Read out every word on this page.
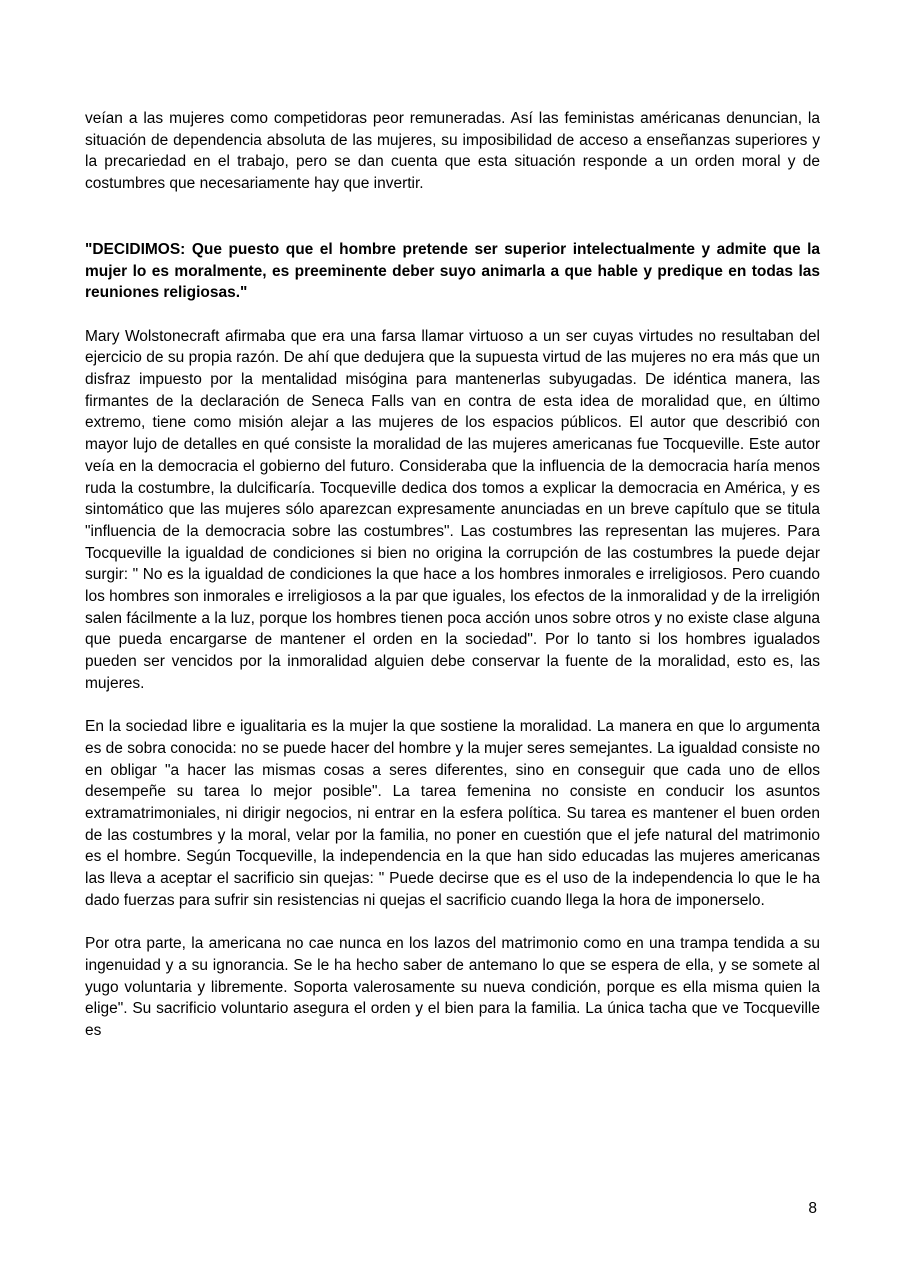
veían a las mujeres como competidoras peor remuneradas. Así las feministas américanas denuncian, la situación de dependencia absoluta de las mujeres, su imposibilidad de acceso a enseñanzas superiores y la precariedad en el trabajo, pero se dan cuenta que esta situación responde a un orden moral y de costumbres que necesariamente hay que invertir.

"DECIDIMOS: Que puesto que el hombre pretende ser superior intelectualmente y admite que la mujer lo es moralmente, es preeminente deber suyo animarla a que hable y predique en todas las reuniones religiosas."

Mary Wolstonecraft afirmaba que era una farsa llamar virtuoso a un ser cuyas virtudes no resultaban del ejercicio de su propia razón. De ahí que dedujera que la supuesta virtud de las mujeres no era más que un disfraz impuesto por la mentalidad misógina para mantenerlas subyugadas. De idéntica manera, las firmantes de la declaración de Seneca Falls van en contra de esta idea de moralidad que, en último extremo, tiene como misión alejar a las mujeres de los espacios públicos. El autor que describió con mayor lujo de detalles en qué consiste la moralidad de las mujeres americanas fue Tocqueville. Este autor veía en la democracia el gobierno del futuro. Consideraba que la influencia de la democracia haría menos ruda la costumbre, la dulcificaría. Tocqueville dedica dos tomos a explicar la democracia en América, y es sintomático que las mujeres sólo aparezcan expresamente anunciadas en un breve capítulo que se titula "influencia de la democracia sobre las costumbres". Las costumbres las representan las mujeres. Para Tocqueville la igualdad de condiciones si bien no origina la corrupción de las costumbres la puede dejar surgir: " No es la igualdad de condiciones la que hace a los hombres inmorales e irreligiosos. Pero cuando los hombres son inmorales e irreligiosos a la par que iguales, los efectos de la inmoralidad y de la irreligión salen fácilmente a la luz, porque los hombres tienen poca acción unos sobre otros y no existe clase alguna que pueda encargarse de mantener el orden en la sociedad". Por lo tanto si los hombres igualados pueden ser vencidos por la inmoralidad alguien debe conservar la fuente de la moralidad, esto es, las mujeres.

En la sociedad libre e igualitaria es la mujer la que sostiene la moralidad. La manera en que lo argumenta es de sobra conocida: no se puede hacer del hombre y la mujer seres semejantes. La igualdad consiste no en obligar "a hacer las mismas cosas a seres diferentes, sino en conseguir que cada uno de ellos desempeñe su tarea lo mejor posible". La tarea femenina no consiste en conducir los asuntos extramatrimoniales, ni dirigir negocios, ni entrar en la esfera política. Su tarea es mantener el buen orden de las costumbres y la moral, velar por la familia, no poner en cuestión que el jefe natural del matrimonio es el hombre. Según Tocqueville, la independencia en la que han sido educadas las mujeres americanas las lleva a aceptar el sacrificio sin quejas: " Puede decirse que es el uso de la independencia lo que le ha dado fuerzas para sufrir sin resistencias ni quejas el sacrificio cuando llega la hora de imponerselo.

Por otra parte, la americana no cae nunca en los lazos del matrimonio como en una trampa tendida a su ingenuidad y a su ignorancia. Se le ha hecho saber de antemano lo que se espera de ella, y se somete al yugo voluntaria y libremente. Soporta valerosamente su nueva condición, porque es ella misma quien la elige". Su sacrificio voluntario asegura el orden y el bien para la familia. La única tacha que ve Tocqueville es

8
